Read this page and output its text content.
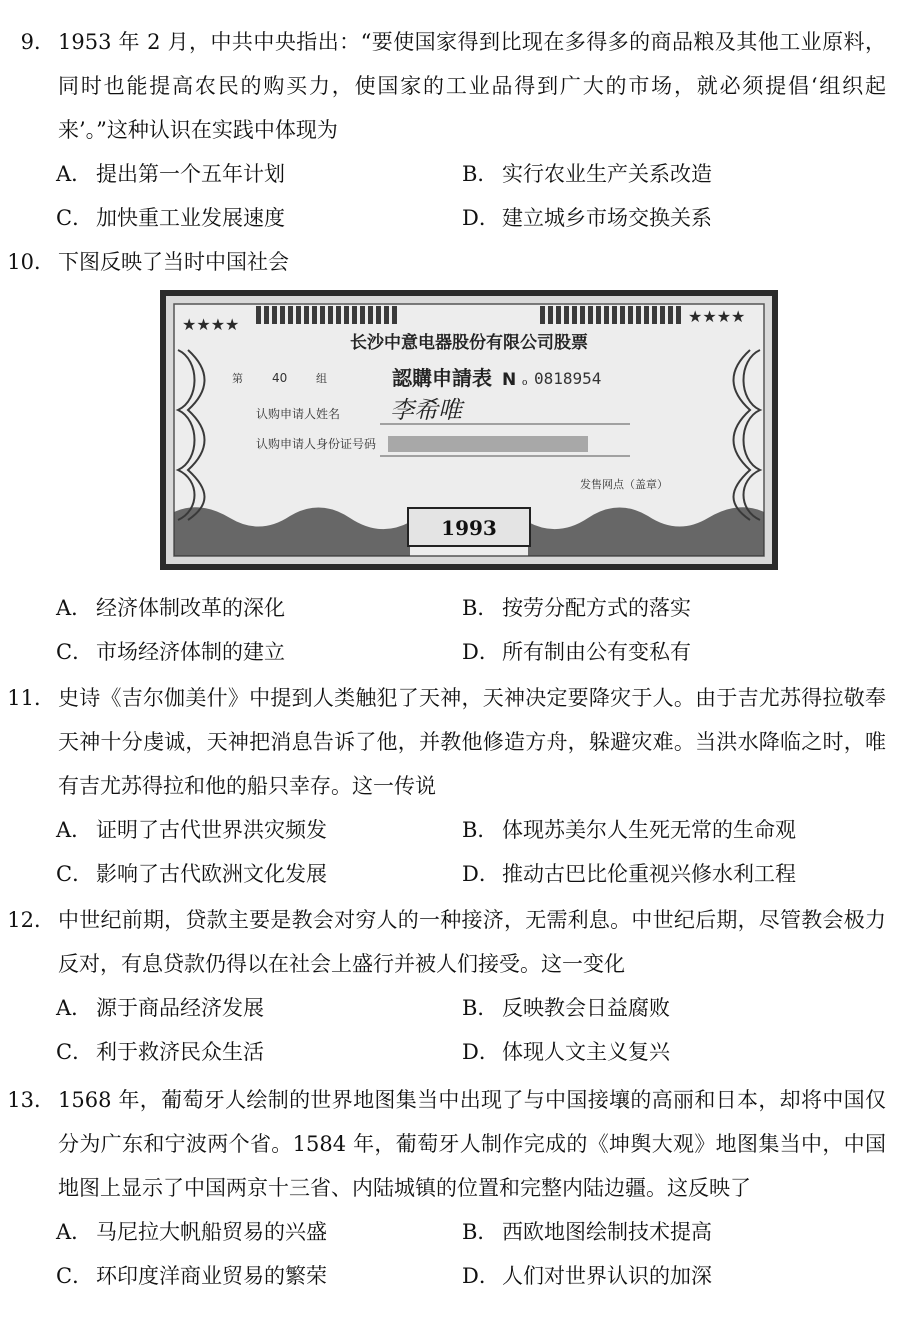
9． 1953 年 2 月，中共中央指出：“要使国家得到比现在多得多的商品粮及其他工业原料，同时也能提高农民的购买力，使国家的工业品得到广大的市场，就必须提倡‘组织起来’。”这种认识在实践中体现为
A． 提出第一个五年计划	B． 实行农业生产关系改造
C． 加快重工业发展速度	D． 建立城乡市场交换关系
10． 下图反映了当时中国社会
★★★★	★★★★
长沙中意电器股份有限公司股票
第 40	组	認購申請表 N o 0818954
认购申请人姓名 李希唯
认购申请人身份证号码
发售网点（盖章）
1993
A． 经济体制改革的深化	B． 按劳分配方式的落实
C． 市场经济体制的建立	D． 所有制由公有变私有
11． 史诗《吉尔伽美什》中提到人类触犯了天神，天神决定要降灾于人。由于吉尤苏得拉敬奉天神十分虔诚，天神把消息告诉了他，并教他修造方舟，躲避灾难。当洪水降临之时，唯有吉尤苏得拉和他的船只幸存。这一传说
A． 证明了古代世界洪灾频发	B． 体现苏美尔人生死无常的生命观
C． 影响了古代欧洲文化发展	D． 推动古巴比伦重视兴修水利工程
12． 中世纪前期，贷款主要是教会对穷人的一种接济，无需利息。中世纪后期，尽管教会极力反对，有息贷款仍得以在社会上盛行并被人们接受。这一变化
A． 源于商品经济发展	B． 反映教会日益腐败
C． 利于救济民众生活	D． 体现人文主义复兴
13． 1568 年，葡萄牙人绘制的世界地图集当中出现了与中国接壤的高丽和日本，却将中国仅分为广东和宁波两个省。1584 年，葡萄牙人制作完成的《坤舆大观》地图集当中，中国地图上显示了中国两京十三省、内陆城镇的位置和完整内陆边疆。这反映了
A． 马尼拉大帆船贸易的兴盛	B． 西欧地图绘制技术提高
C． 环印度洋商业贸易的繁荣	D． 人们对世界认识的加深
